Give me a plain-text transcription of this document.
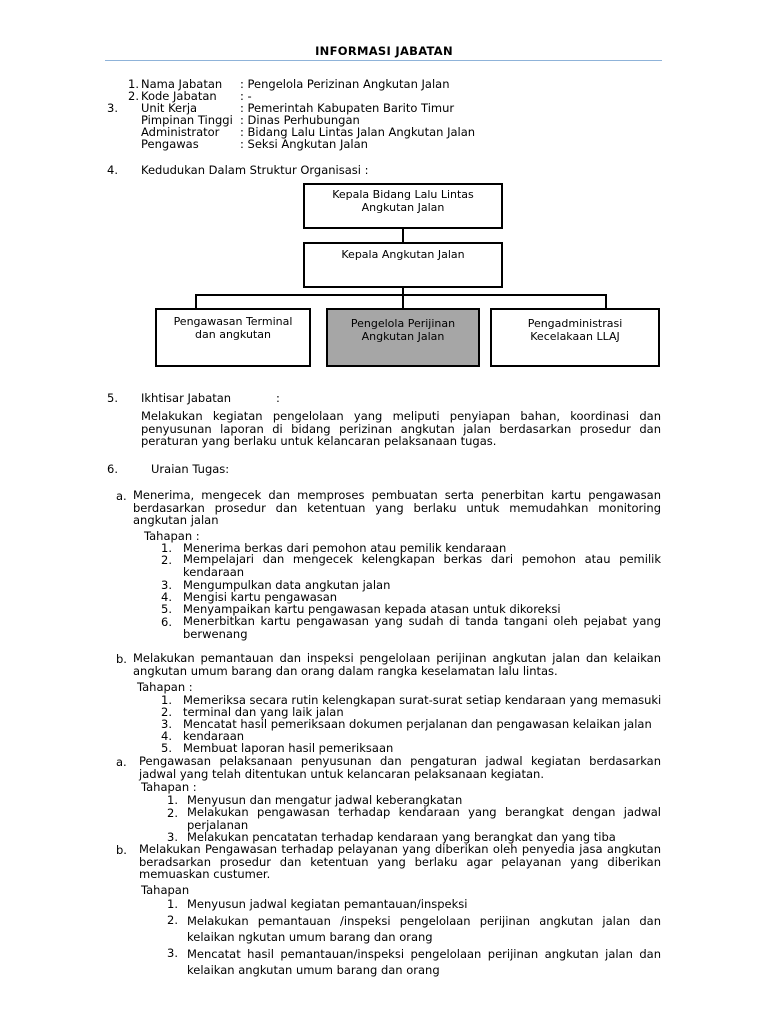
INFORMASI JABATAN
1. Nama Jabatan : Pengelola Perizinan Angkutan Jalan
2. Kode Jabatan : -
3. Unit Kerja	: Pemerintah Kabupaten Barito Timur
Pimpinan Tinggi : Dinas Perhubungan
Administrator : Bidang Lalu Lintas Jalan Angkutan Jalan
Pengawas	: Seksi Angkutan Jalan
4. Kedudukan Dalam Struktur Organisasi :
Kepala Bidang Lalu Lintas
Angkutan Jalan
Kepala Angkutan Jalan
Pengawasan Terminal
dan angkutan
Pengelola Perijinan
Angkutan Jalan
Pengadministrasi
Kecelakaan LLAJ
5. Ikhtisar Jabatan	:
Melakukan kegiatan pengelolaan yang meliputi penyiapan bahan, koordinasi dan penyusunan laporan di bidang perizinan angkutan jalan berdasarkan prosedur dan peraturan yang berlaku untuk kelancaran pelaksanaan tugas.
6.	Uraian Tugas:
a. Menerima, mengecek dan memproses pembuatan serta penerbitan kartu pengawasan berdasarkan prosedur dan ketentuan yang berlaku untuk memudahkan monitoring angkutan jalan
Tahapan :
1. Menerima berkas dari pemohon atau pemilik kendaraan
2. Mempelajari dan mengecek kelengkapan berkas dari pemohon atau pemilik kendaraan
3. Mengumpulkan data angkutan jalan
4. Mengisi kartu pengawasan
5. Menyampaikan kartu pengawasan kepada atasan untuk dikoreksi
6. Menerbitkan kartu pengawasan yang sudah di tanda tangani oleh pejabat yang berwenang
b. Melakukan pemantauan dan inspeksi pengelolaan perijinan angkutan jalan dan kelaikan angkutan umum barang dan orang dalam rangka keselamatan lalu lintas.
Tahapan :
1. Memeriksa secara rutin kelengkapan surat-surat setiap kendaraan yang memasuki
2. terminal dan yang laik jalan
3. Mencatat hasil pemeriksaan dokumen perjalanan dan pengawasan kelaikan jalan
4. kendaraan
5. Membuat laporan hasil pemeriksaan
a. Pengawasan pelaksanaan penyusunan dan pengaturan jadwal kegiatan berdasarkan jadwal yang telah ditentukan untuk kelancaran pelaksanaan kegiatan.
Tahapan :
1. Menyusun dan mengatur jadwal keberangkatan
2. Melakukan pengawasan terhadap kendaraan yang berangkat dengan jadwal perjalanan
3. Melakukan pencatatan terhadap kendaraan yang berangkat dan yang tiba
b. Melakukan Pengawasan terhadap pelayanan yang diberikan oleh penyedia jasa angkutan beradsarkan prosedur dan ketentuan yang berlaku agar pelayanan yang diberikan memuaskan custumer.
Tahapan
1. Menyusun jadwal kegiatan pemantauan/inspeksi
2. Melakukan pemantauan /inspeksi pengelolaan perijinan angkutan jalan dan kelaikan ngkutan umum barang dan orang
3. Mencatat hasil pemantauan/inspeksi pengelolaan perijinan angkutan jalan dan kelaikan angkutan umum barang dan orang
